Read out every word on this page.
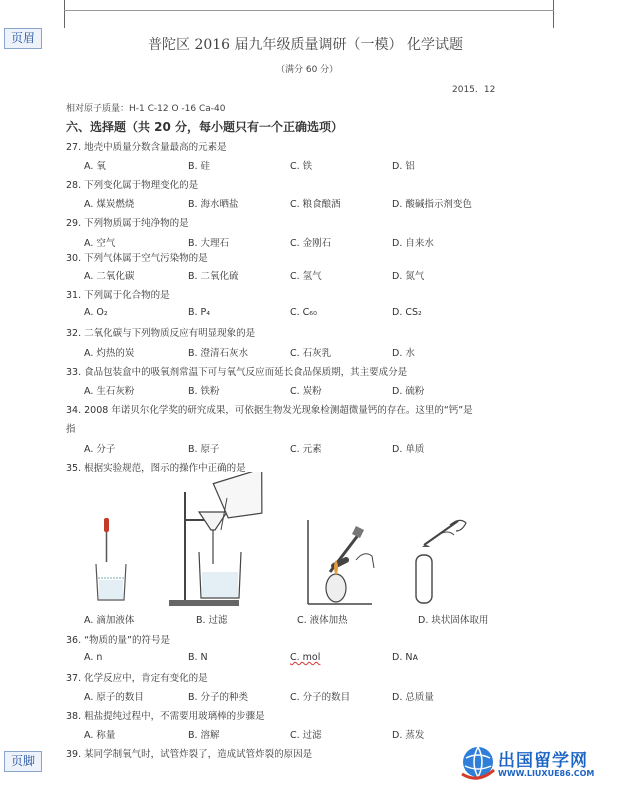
页眉
页脚
普陀区 2016 届九年级质量调研（一模） 化学试题
（满分 60 分）
2015．12
相对原子质量：H-1 C-12 O -16 Ca-40
六、选择题（共 20 分，每小题只有一个正确选项）
27. 地壳中质量分数含量最高的元素是
A. 氧	B. 硅	C. 铁	D. 铝
28. 下列变化属于物理变化的是
A. 煤炭燃烧	B. 海水晒盐	C. 粮食酿酒	D. 酸碱指示剂变色
29. 下列物质属于纯净物的是
A. 空气	B. 大理石	C. 金刚石	D. 自来水
30. 下列气体属于空气污染物的是
A. 二氧化碳	B. 二氧化硫	C. 氢气	D. 氮气
31. 下列属于化合物的是
A. O₂	B. P₄	C. C₆₀	D. CS₂
32. 二氧化碳与下列物质反应有明显现象的是
A. 灼热的炭	B. 澄清石灰水	C. 石灰乳	D. 水
33. 食品包装盒中的吸氧剂常温下可与氧气反应而延长食品保质期，其主要成分是
A. 生石灰粉	B. 铁粉	C. 炭粉	D. 硫粉
34. 2008 年诺贝尔化学奖的研究成果，可依据生物发光现象检测超微量钙的存在。这里的“钙”是
指
A. 分子	B. 原子	C. 元素	D. 单质
35. 根据实验规范，图示的操作中正确的是
A. 滴加液体	B. 过滤	C. 液体加热	D. 块状固体取用
36. “物质的量”的符号是
A. n	B. N	C. mol	D. Nᴀ
37. 化学反应中，肯定有变化的是
A. 原子的数目	B. 分子的种类	C. 分子的数目	D. 总质量
38. 粗盐提纯过程中，不需要用玻璃棒的步骤是
A. 称量	B. 溶解	C. 过滤	D. 蒸发
39. 某同学制氧气时，试管炸裂了，造成试管炸裂的原因是	出国留学网
WWW.LIUXUE86.COM
